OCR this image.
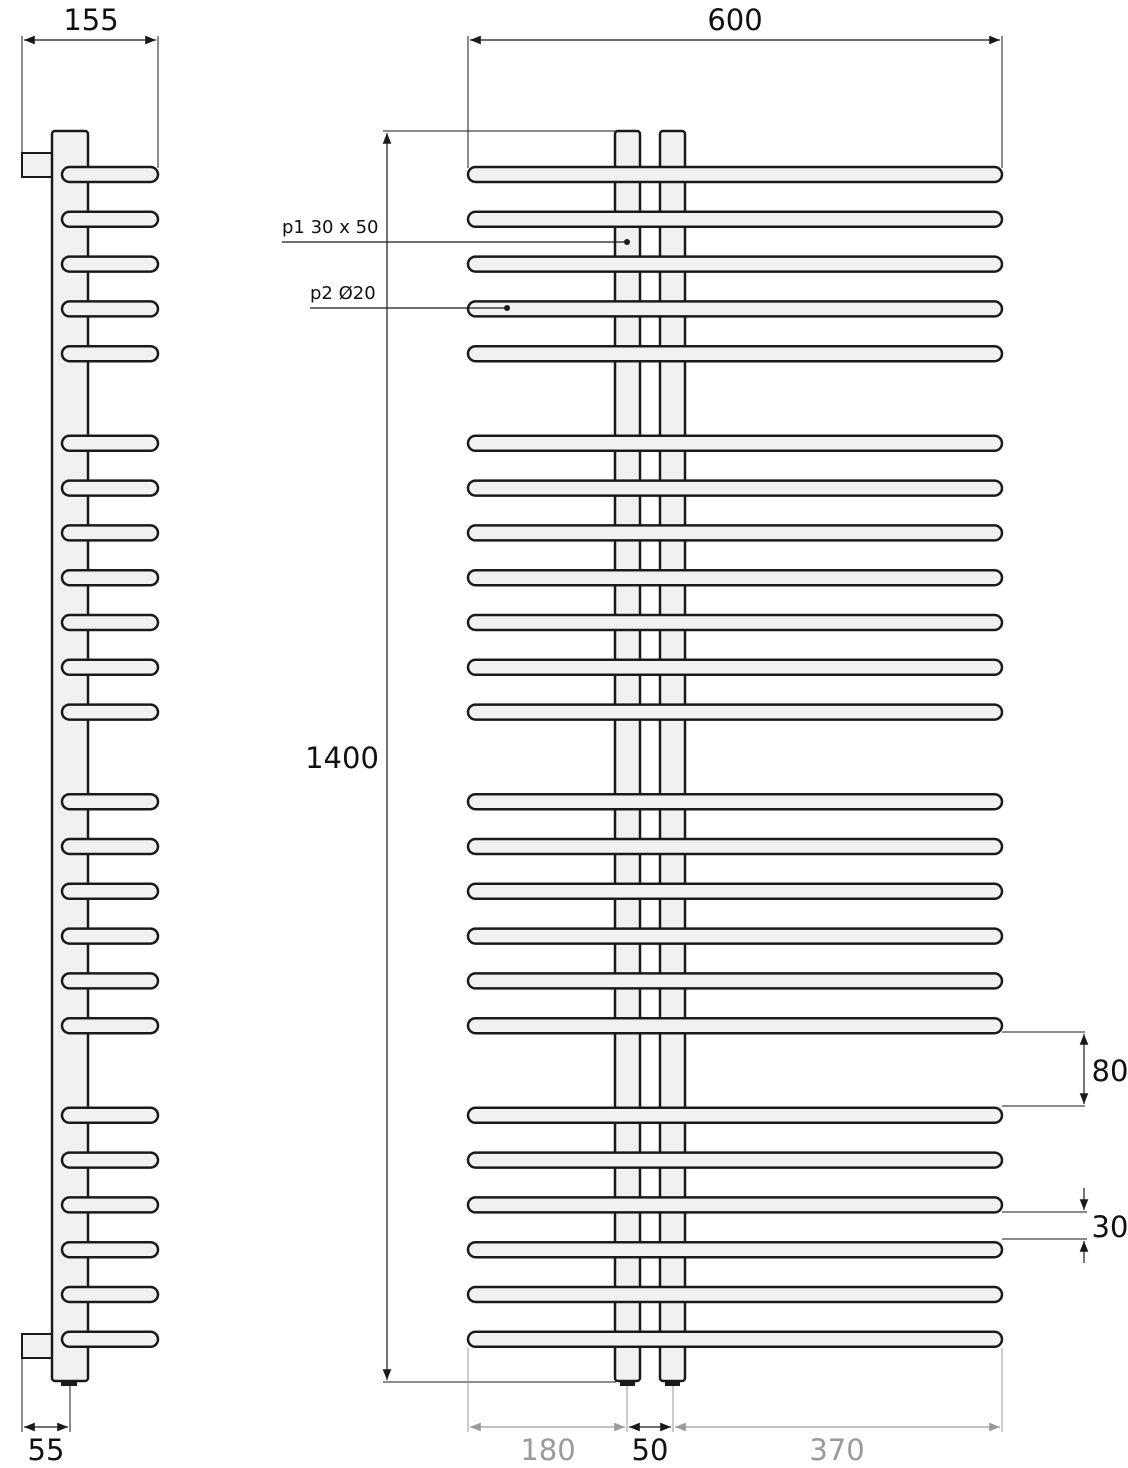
155
55
600
1400
p1 30 x 50
p2 Ø20
80
30
180 50	370
